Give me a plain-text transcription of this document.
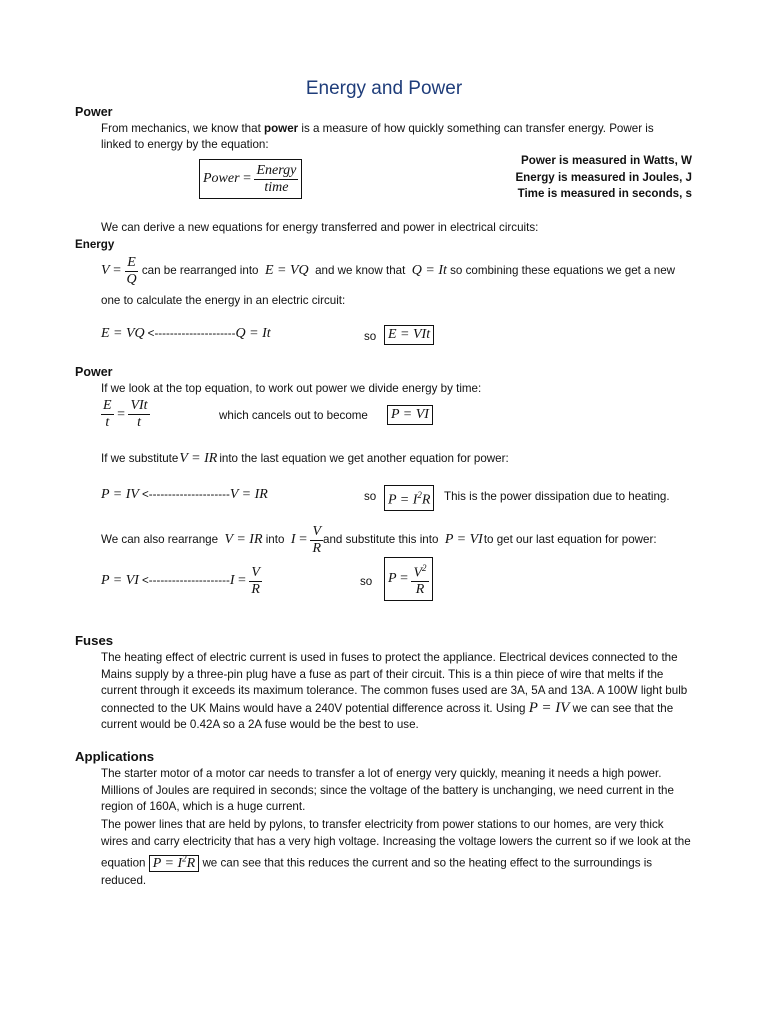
Energy and Power
Power
From mechanics, we know that power is a measure of how quickly something can transfer energy. Power is
linked to energy by the equation:
Power = $\frac{\text{Energy}}{\text{time}}$
Power is measured in Watts, W
Energy is measured in Joules, J
Time is measured in seconds, s
We can derive a new equations for energy transferred and power in electrical circuits:
Energy
$V = \frac{E}{Q}$
can be rearranged into
E = VQ
and we know that
Q = It
so combining these equations we get a new
one to calculate the energy in an electric circuit:
E = VQ <--------------------- Q = It	so E = VIt
Power
If we look at the top equation, to work out power we divide energy by time:
$\frac{E}{t} = \frac{\text{VIt}}{t}$	which cancels out to become P = VI
If we substitute V = IR into the last equation we get another equation for power:
P = IV <--------------------- V = IR	so $P = I^2R$	This is the power dissipation due to heating.
We can also rearrange
V = IR
into
$I = \frac{V}{R}$ and substitute this into
P = VI to get our last equation for power:
P = VI <--------------------- $I = \frac{V}{R}$	so $P = \frac{V^2}{R}$
Fuses
The heating effect of electric current is used in fuses to protect the appliance. Electrical devices connected to the Mains supply by a three-pin plug have a fuse as part of their circuit. This is a thin piece of wire that melts if the current through it exceeds its maximum tolerance. The common fuses used are 3A, 5A and 13A. A 100W light bulb connected to the UK Mains would have a 240V potential difference across it. Using P = IV we can see that the current would be 0.42A so a 2A fuse would be the best to use.
Applications
The starter motor of a motor car needs to transfer a lot of energy very quickly, meaning it needs a high power. Millions of Joules are required in seconds; since the voltage of the battery is unchanging, we need current in the region of 160A, which is a huge current.
The power lines that are held by pylons, to transfer electricity from power stations to our homes, are very thick wires and carry electricity that has a very high voltage. Increasing the voltage lowers the current so if we look at the equation $P = I^2R$ we can see that this reduces the current and so the heating effect to the surroundings is reduced.
